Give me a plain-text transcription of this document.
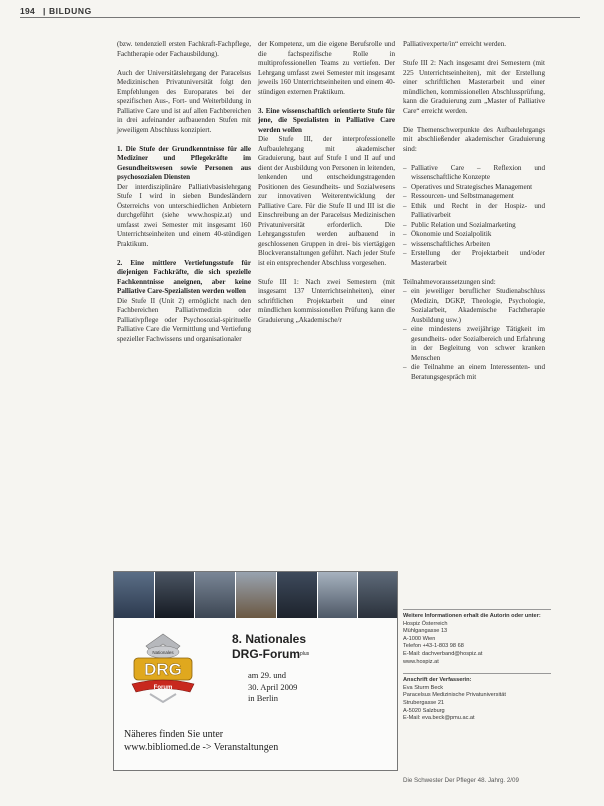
194 | BILDUNG

(bzw. tendenziell ersten Fachkraft-Fachpflege, Fachtherapie oder Fachausbildung).

Auch der Universitätslehrgang der Paracelsus Medizinischen Privatuniversität folgt den Empfehlungen des Europarates bei der spezifischen Aus-, Fort- und Weiterbildung in Palliative Care und ist auf allen Fachbereichen in drei aufeinander aufbauenden Stufen mit jeweiligem Abschluss konzipiert.

1. Die Stufe der Grundkenntnisse für alle Mediziner und Pflegekräfte im Gesundheitswesen sowie Personen aus psychosozialen Diensten

Der interdisziplinäre Palliativbasislehrgang Stufe I wird in sieben Bundesländern Österreichs von unterschiedlichen Anbietern durchgeführt (siehe www.hospiz.at) und umfasst zwei Semester mit insgesamt 160 Unterrichtseinheiten und einem 40-stündigen Praktikum.

2. Eine mittlere Vertiefungsstufe für diejenigen Fachkräfte, die sich spezielle Fachkenntnisse aneignen, aber keine Palliative Care-Spezialisten werden wollen

Die Stufe II (Unit 2) ermöglicht nach den Fachbereichen Palliativmedizin oder Palliativpflege oder Psychosozial-spirituelle Palliative Care die Vermittlung und Vertiefung spezieller Fachwissens und organisationaler

der Kompetenz, um die eigene Berufsrolle und die fachspezifische Rolle in multiprofessionellen Teams zu vertiefen. Der Lehrgang umfasst zwei Semester mit insgesamt jeweils 160 Unterrichtseinheiten und einem 40-stündigen externen Praktikum.

3. Eine wissenschaftlich orientierte Stufe für jene, die Spezialisten in Palliative Care werden wollen

Die Stufe III, der interprofessionelle Aufbaulehrgang mit akademischer Graduierung, baut auf Stufe I und II auf und dient der Ausbildung von Personen in leitenden, lenkenden und entscheidungstragenden Positionen des Gesundheits- und Sozialwesens zur innovativen Weiterentwicklung der Palliative Care. Für die Stufe II und III ist die Einschreibung an der Paracelsus Medizinischen Privatuniversität erforderlich. Die Lehrgangsstufen werden aufbauend in geschlossenen Gruppen in drei- bis viertägigen Blockveranstaltungen geführt. Nach jeder Stufe ist ein entsprechender Abschluss vorgesehen.

Stufe III 1: Nach zwei Semestern (mit insgesamt 137 Unterrichtseinheiten), einer schriftlichen Projektarbeit und einer mündlichen kommissionellen Prüfung kann die Graduierung „Akademische/r

Palliativexperte/in“ erreicht werden.

Stufe III 2: Nach insgesamt drei Semestern (mit 225 Unterrichtseinheiten), mit der Erstellung einer schriftlichen Masterarbeit und einer mündlichen, kommissionellen Abschlussprüfung, kann die Graduierung zum „Master of Palliative Care“ erreicht werden.

Die Themenschwerpunkte des Aufbaulehrgangs mit abschließender akademischer Graduierung sind:

– Palliative Care – Reflexion und wissenschaftliche Konzepte
– Operatives und Strategisches Management
– Ressourcen- und Selbstmanagement
– Ethik und Recht in der Hospiz- und Palliativarbeit
– Public Relation und Sozialmarketing
– Ökonomie und Sozialpolitik
– wissenschaftliches Arbeiten
– Erstellung der Projektarbeit und/oder Masterarbeit

Teilnahmevoraussetzungen sind:

– ein jeweiliger beruflicher Studienabschluss (Medizin, DGKP, Theologie, Psychologie, Sozialarbeit, Akademische Fachtherapie Ausbildung usw.)
– eine mindestens zweijährige Tätigkeit im gesundheits- oder Sozialbereich und Erfahrung in der Begleitung von schwer kranken Menschen
– die Teilnahme an einem Interessenten- und Beratungsgespräch mit
Nationales
DRG
Forum
8. Nationales
DRG-Forum$^{plus}$
am 29. und
30. April 2009
in Berlin
Näheres finden Sie unter
www.bibliomed.de -> Veranstaltungen
Weitere Informationen erhalt die Autorin oder unter:
Hospiz Österreich
Mühlgangasse 13
A-1000 Wien
Telefon +43-1-803 98 68
E-Mail: dachverband@hospiz.at
www.hospiz.at
Anschrift der Verfasserin:
Eva Sturm Beck
Paracelsus Medizinische Privatuniversität
Strubergasse 21
A-5020 Salzburg
E-Mail: eva.beck@pmu.ac.at
Die Schwester Der Pfleger 48. Jahrg. 2/09
